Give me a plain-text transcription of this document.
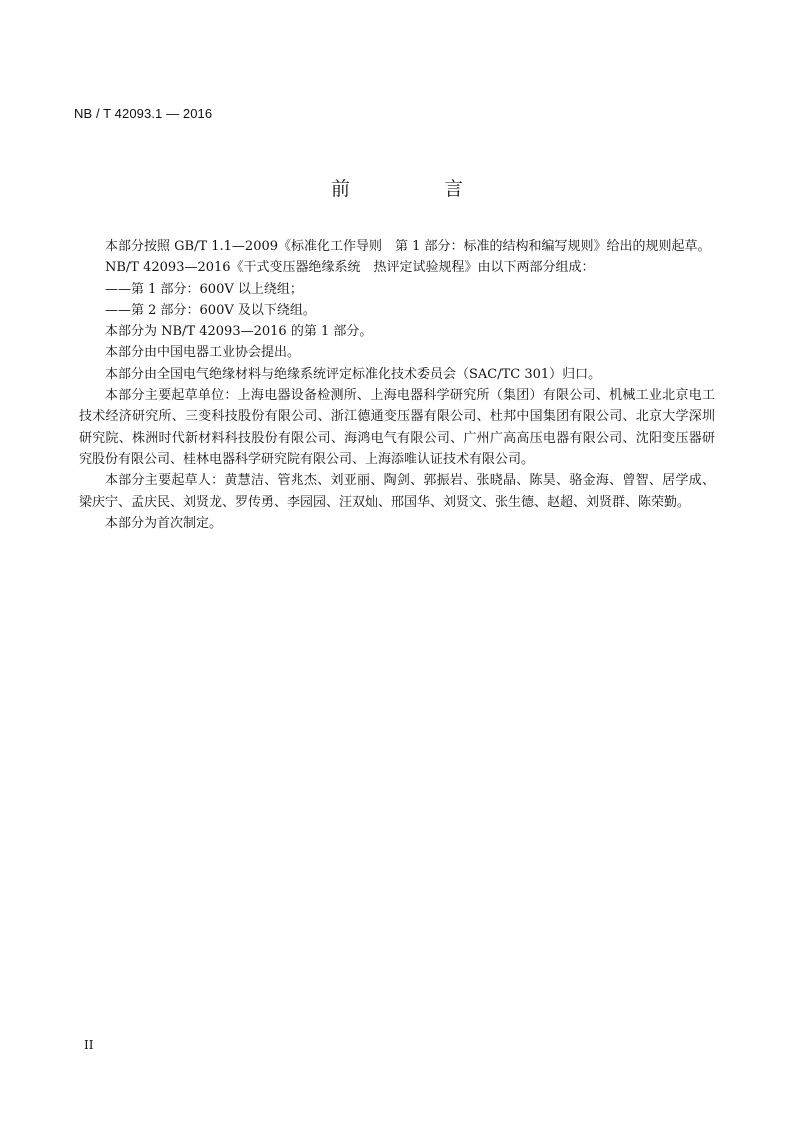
NB / T 42093.1 — 2016
前 言

本部分按照 GB/T 1.1—2009《标准化工作导则　第 1 部分：标准的结构和编写规则》给出的规则起草。

NB/T 42093—2016《干式变压器绝缘系统　热评定试验规程》由以下两部分组成：

——第 1 部分：600V 以上绕组；

——第 2 部分：600V 及以下绕组。

本部分为 NB/T 42093—2016 的第 1 部分。

本部分由中国电器工业协会提出。

本部分由全国电气绝缘材料与绝缘系统评定标准化技术委员会（SAC/TC 301）归口。

本部分主要起草单位：上海电器设备检测所、上海电器科学研究所（集团）有限公司、机械工业北京电工技术经济研究所、三变科技股份有限公司、浙江德通变压器有限公司、杜邦中国集团有限公司、北京大学深圳研究院、株洲时代新材料科技股份有限公司、海鸿电气有限公司、广州广高高压电器有限公司、沈阳变压器研究股份有限公司、桂林电器科学研究院有限公司、上海添唯认证技术有限公司。

本部分主要起草人：黄慧洁、管兆杰、刘亚丽、陶剑、郭振岩、张晓晶、陈昊、骆金海、曾智、居学成、梁庆宁、孟庆民、刘贤龙、罗传勇、李园园、汪双灿、邢国华、刘贤文、张生德、赵超、刘贤群、陈荣勤。

本部分为首次制定。

II
